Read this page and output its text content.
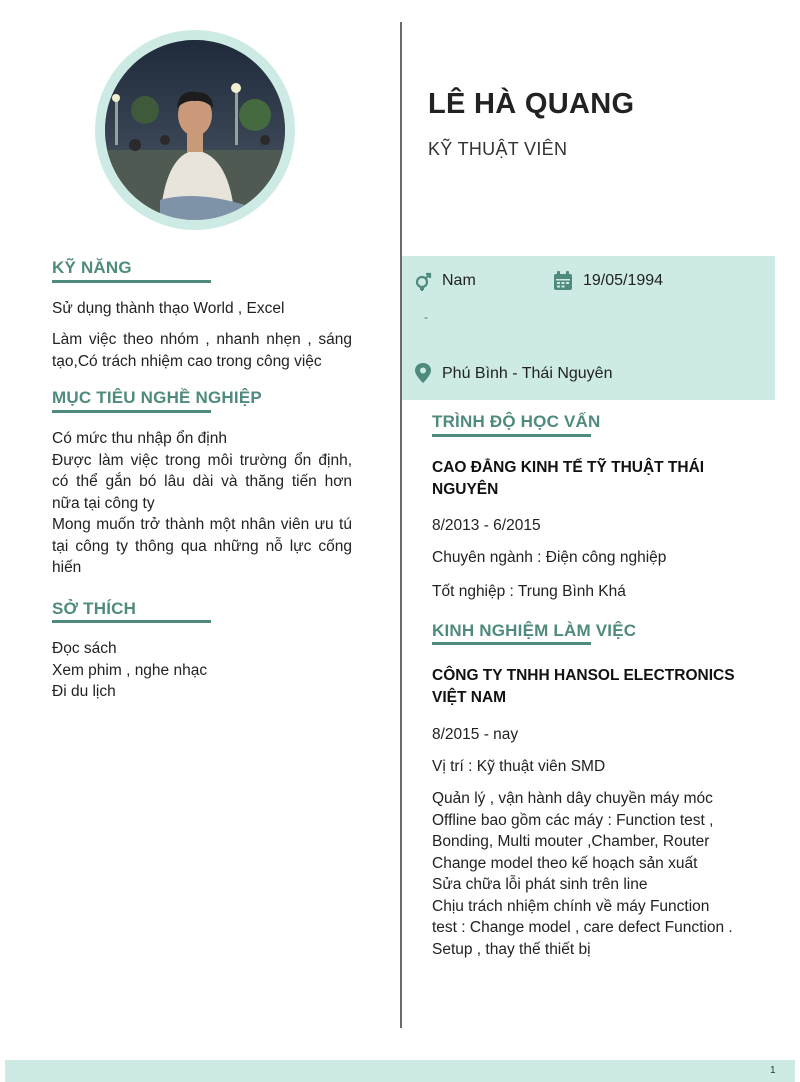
KỸ NĂNG
Sử dụng thành thạo World , Excel
Làm việc theo nhóm , nhanh nhẹn , sáng tạo,Có trách nhiệm cao trong công việc
MỤC TIÊU NGHỀ NGHIỆP
Có mức thu nhập ổn định
Được làm việc trong môi trường ổn định, có thể gắn bó lâu dài và thăng tiến hơn nữa tại công ty
Mong muốn trở thành một nhân viên ưu tú tại công ty thông qua những nỗ lực cống hiến
SỞ THÍCH
Đọc sách
Xem phim , nghe nhạc
Đi du lịch
LÊ HÀ QUANG
KỸ THUẬT VIÊN
Nam	19/05/1994
-
Phú Bình - Thái Nguyên
TRÌNH ĐỘ HỌC VẤN
CAO ĐẲNG KINH TẾ TỸ THUẬT THÁI NGUYÊN
8/2013 - 6/2015
Chuyên ngành : Điện công nghiệp
Tốt nghiệp : Trung Bình Khá
KINH NGHIỆM LÀM VIỆC
CÔNG TY TNHH HANSOL ELECTRONICS VIỆT NAM
8/2015 - nay
Vị trí : Kỹ thuật viên SMD
Quản lý , vận hành dây chuyền máy móc
Offline bao gồm các máy : Function test ,
Bonding, Multi mouter ,Chamber, Router
Change model theo kế hoạch sản xuất
Sửa chữa lỗi phát sinh trên line
Chịu trách nhiệm chính về máy Function
test : Change model , care defect Function .
Setup , thay thế thiết bị
1
